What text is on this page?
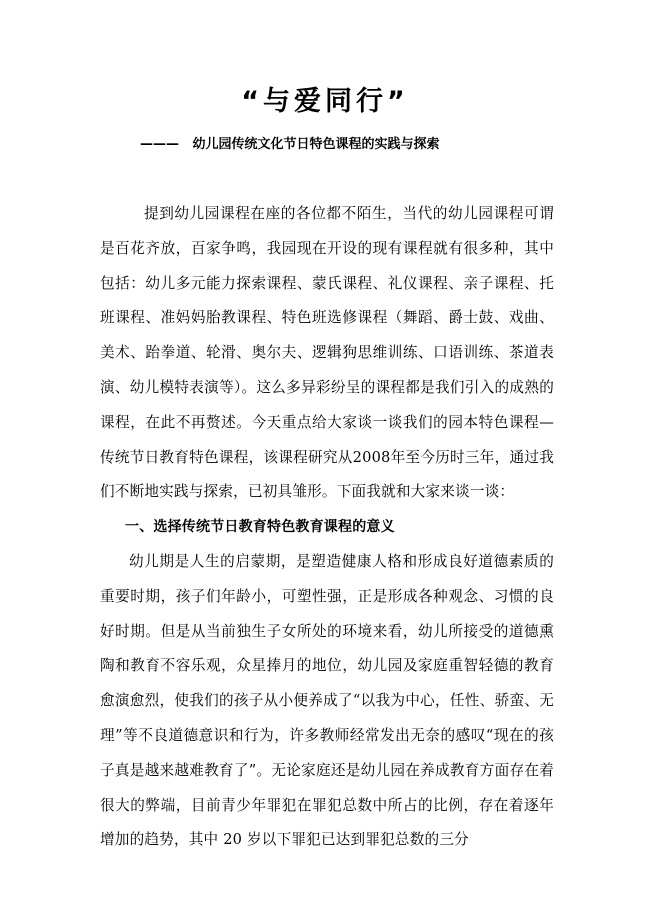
“与爱同行”
——— 幼儿园传统文化节日特色课程的实践与探索

提到幼儿园课程在座的各位都不陌生，当代的幼儿园课程可谓是百花齐放，百家争鸣，我园现在开设的现有课程就有很多种，其中包括：幼儿多元能力探索课程、蒙氏课程、礼仪课程、亲子课程、托班课程、准妈妈胎教课程、特色班选修课程（舞蹈、爵士鼓、戏曲、美术、跆拳道、轮滑、奥尔夫、逻辑狗思维训练、口语训练、茶道表演、幼儿模特表演等）。这么多异彩纷呈的课程都是我们引入的成熟的课程，在此不再赘述。今天重点给大家谈一谈我们的园本特色课程— 传统节日教育特色课程，该课程研究从2008年至今历时三年，通过我们不断地实践与探索，已初具雏形。下面我就和大家来谈一谈：

一、选择传统节日教育特色教育课程的意义

幼儿期是人生的启蒙期，是塑造健康人格和形成良好道德素质的重要时期，孩子们年龄小，可塑性强，正是形成各种观念、习惯的良好时期。但是从当前独生子女所处的环境来看，幼儿所接受的道德熏陶和教育不容乐观，众星捧月的地位，幼儿园及家庭重智轻德的教育愈演愈烈，使我们的孩子从小便养成了“以我为中心，任性、骄蛮、无理”等不良道德意识和行为，许多教师经常发出无奈的感叹“现在的孩子真是越来越难教育了”。无论家庭还是幼儿园在养成教育方面存在着很大的弊端，目前青少年罪犯在罪犯总数中所占的比例，存在着逐年增加的趋势，其中 20 岁以下罪犯已达到罪犯总数的三分
